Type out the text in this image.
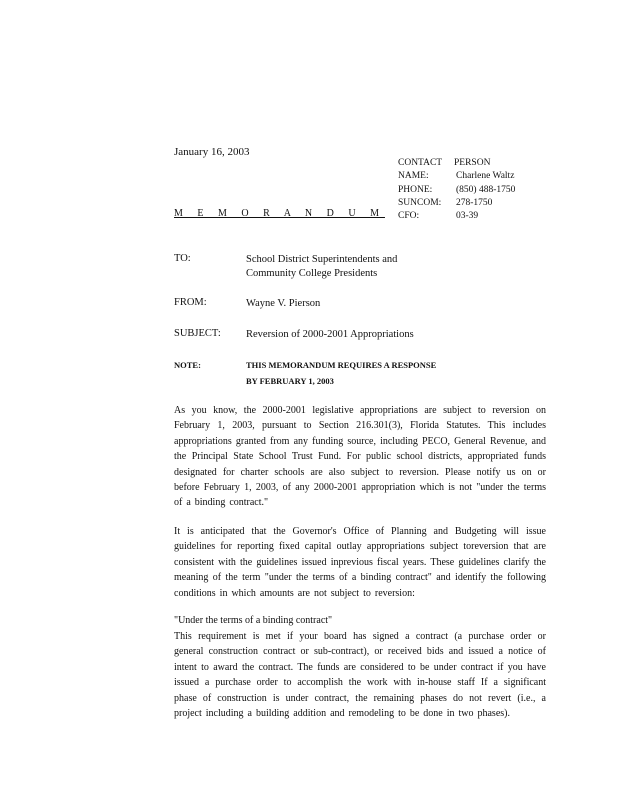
January 16, 2003
CONTACT	PERSON
NAME:	Charlene Waltz
PHONE:	(850) 488-1750
SUNCOM:	278-1750
CFO:	03-39
M E M O R A N D U M
TO:	School District Superintendents and
Community College Presidents
FROM:	Wayne V. Pierson
SUBJECT: Reversion of 2000-2001 Appropriations
NOTE:	THIS MEMORANDUM REQUIRES A RESPONSE
BY FEBRUARY 1, 2003
As you know, the 2000-2001 legislative appropriations are subject to reversion on February 1, 2003, pursuant to Section 216.301(3), Florida Statutes. This includes appropriations granted from any funding source, including PECO, General Revenue, and the Principal State School Trust Fund. For public school districts, appropriated funds designated for charter schools are also subject to reversion. Please notify us on or before February 1, 2003, of any 2000-2001 appropriation which is not "under the terms of a binding contract."
It is anticipated that the Governor's Office of Planning and Budgeting will issue guidelines for reporting fixed capital outlay appropriations subject toreversion that are consistent with the guidelines issued inprevious fiscal years. These guidelines clarify the meaning of the term "under the terms of a binding contract" and identify the following conditions in which amounts are not subject to reversion:
"Under the terms of a binding contract"
This requirement is met if your board has signed a contract (a purchase order or general construction contract or sub-contract), or received bids and issued a notice of intent to award the contract. The funds are considered to be under contract if you have issued a purchase order to accomplish the work with in-house staff If a significant phase of construction is under contract, the remaining phases do not revert (i.e., a project including a building addition and remodeling to be done in two phases).
